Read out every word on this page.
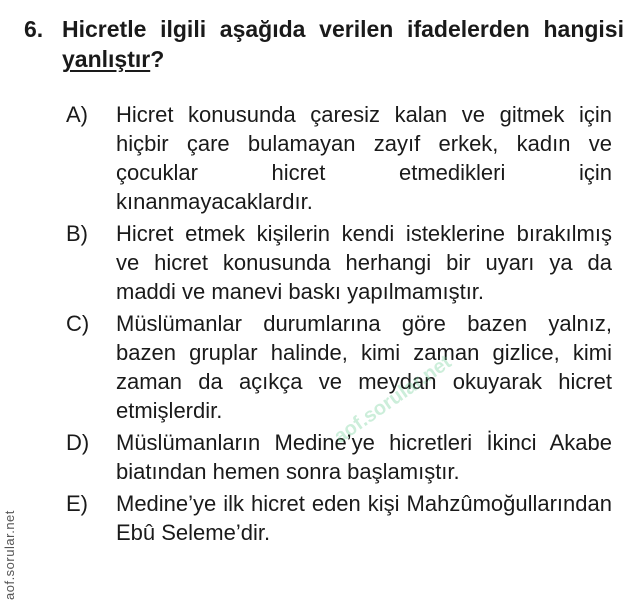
6. Hicretle ilgili aşağıda verilen ifadelerden hangisi yanlıştır?
A)	Hicret konusunda çaresiz kalan ve gitmek için hiçbir çare bulamayan zayıf erkek, kadın ve çocuklar hicret etmedikleri için kınanmayacaklardır.
B)	Hicret etmek kişilerin kendi isteklerine bırakılmış ve hicret konusunda herhangi bir uyarı ya da maddi ve manevi baskı yapılmamıştır.
C)	Müslümanlar durumlarına göre bazen yalnız, bazen gruplar halinde, kimi zaman gizlice, kimi zaman da açıkça ve meydan okuyarak hicret etmişlerdir.
D)	Müslümanların Medine’ye hicretleri İkinci Akabe biatından hemen sonra başlamıştır.
E)	Medine’ye ilk hicret eden kişi Mahzûmoğullarından Ebû Seleme’dir.
aof.sorular.net
aof.sorular.net
